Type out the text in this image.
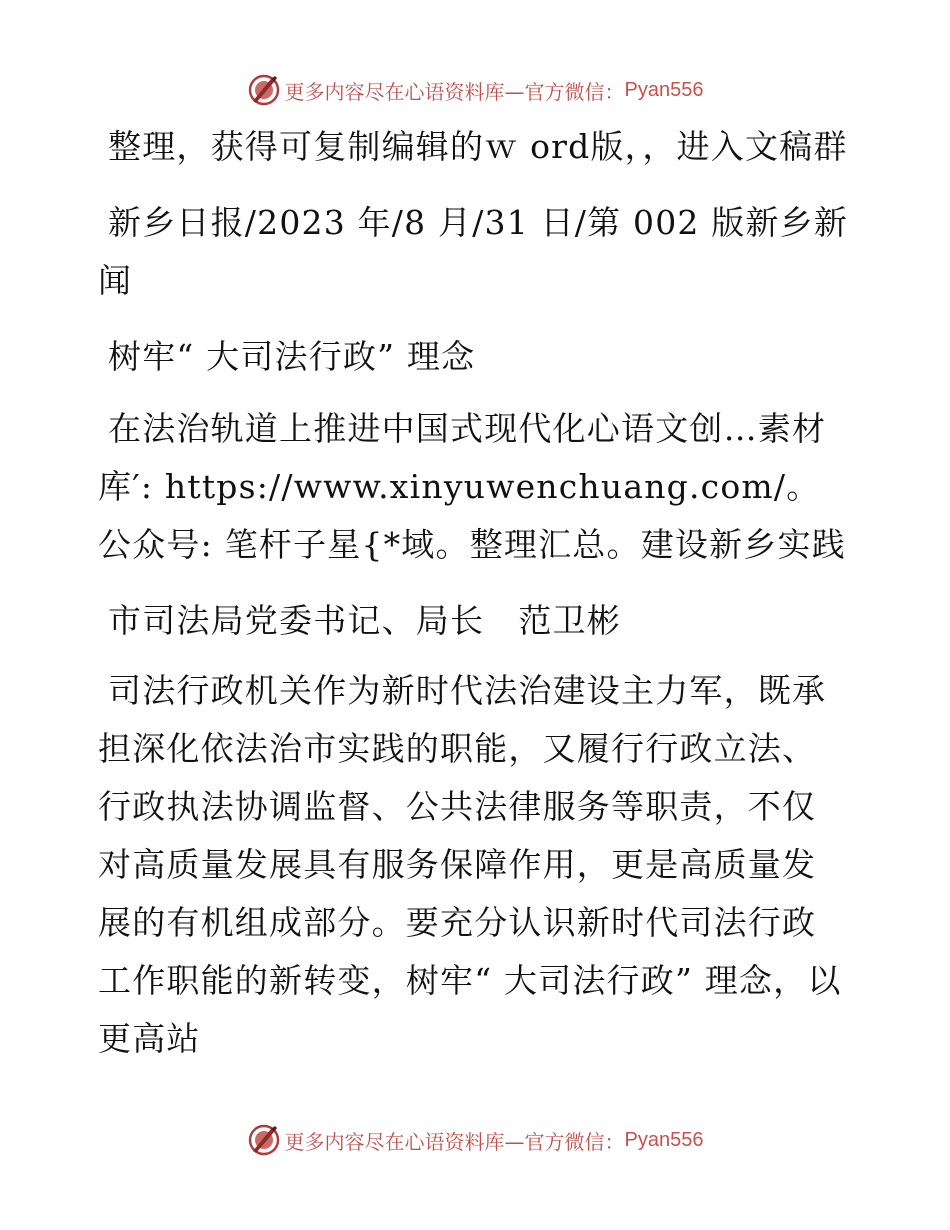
更多内容尽在心语资料库—官方微信： Pyan556

整理，获得可复制编辑的ｗ ord版，，进入文稿群

新乡日报/2023 年/8 月/31 日/第 002 版新乡新闻

树牢“ 大司法行政” 理念

在法治轨道上推进中国式现代化心语文创…素材库′: https://www.xinyuwenchuang.com/。公众号: 笔杆子星{*域。整理汇总。建设新乡实践

市司法局党委书记、局长　范卫彬

司法行政机关作为新时代法治建设主力军，既承担深化依法治市实践的职能，又履行行政立法、行政执法协调监督、公共法律服务等职责，不仅对高质量发展具有服务保障作用，更是高质量发展的有机组成部分。要充分认识新时代司法行政工作职能的新转变，树牢“ 大司法行政” 理念，以更高站

更多内容尽在心语资料库—官方微信： Pyan556
